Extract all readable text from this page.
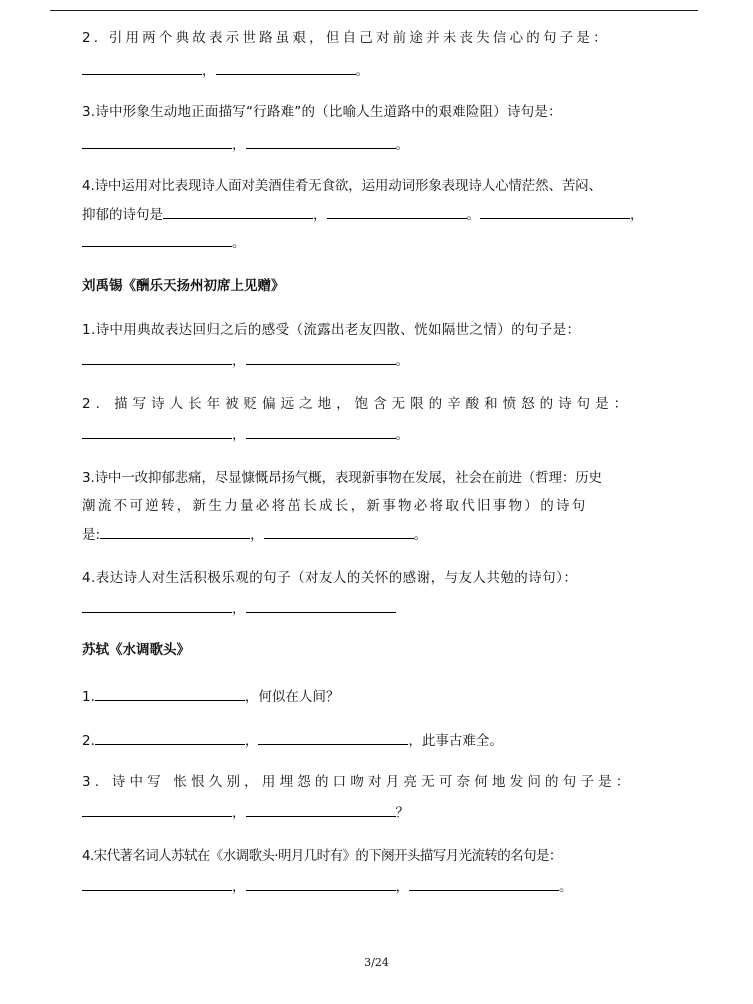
2. 引用两个典故表示世路虽艰，但自己对前途并未丧失信心的句子是：
，	。
3.诗中形象生动地正面描写“行路难”的（比喻人生道路中的艰难险阻）诗句是：
，	。
4.诗中运用对比表现诗人面对美酒佳肴无食欲，运用动词形象表现诗人心情茫然、苦闷、
抑郁的诗句是	，	。	，
。
刘禹锡《酬乐天扬州初席上见赠》
1.诗中用典故表达回归之后的感受（流露出老友四散、恍如隔世之情）的句子是：
，	。
2. 描写诗人长年被贬偏远之地，饱含无限的辛酸和愤怒的诗句是：
，	。
3.诗中一改抑郁悲痛，尽显慷慨昂扬气概，表现新事物在发展，社会在前进（哲理：历史
潮流不可逆转，新生力量必将茁长成长，新事物必将取代旧事物）的诗句
是:	，	。
4.表达诗人对生活积极乐观的句子（对友人的关怀的感谢，与友人共勉的诗句）：
，
苏轼《水调歌头》
1.	，何似在人间？
2.	，	，此事古难全。
3. 诗中写 怅恨久别，用埋怨的口吻对月亮无可奈何地发问的句子是：
，	？
4.宋代著名词人苏轼在《水调歌头·明月几时有》的下阕开头描写月光流转的名句是：
，	，	。
3/24
